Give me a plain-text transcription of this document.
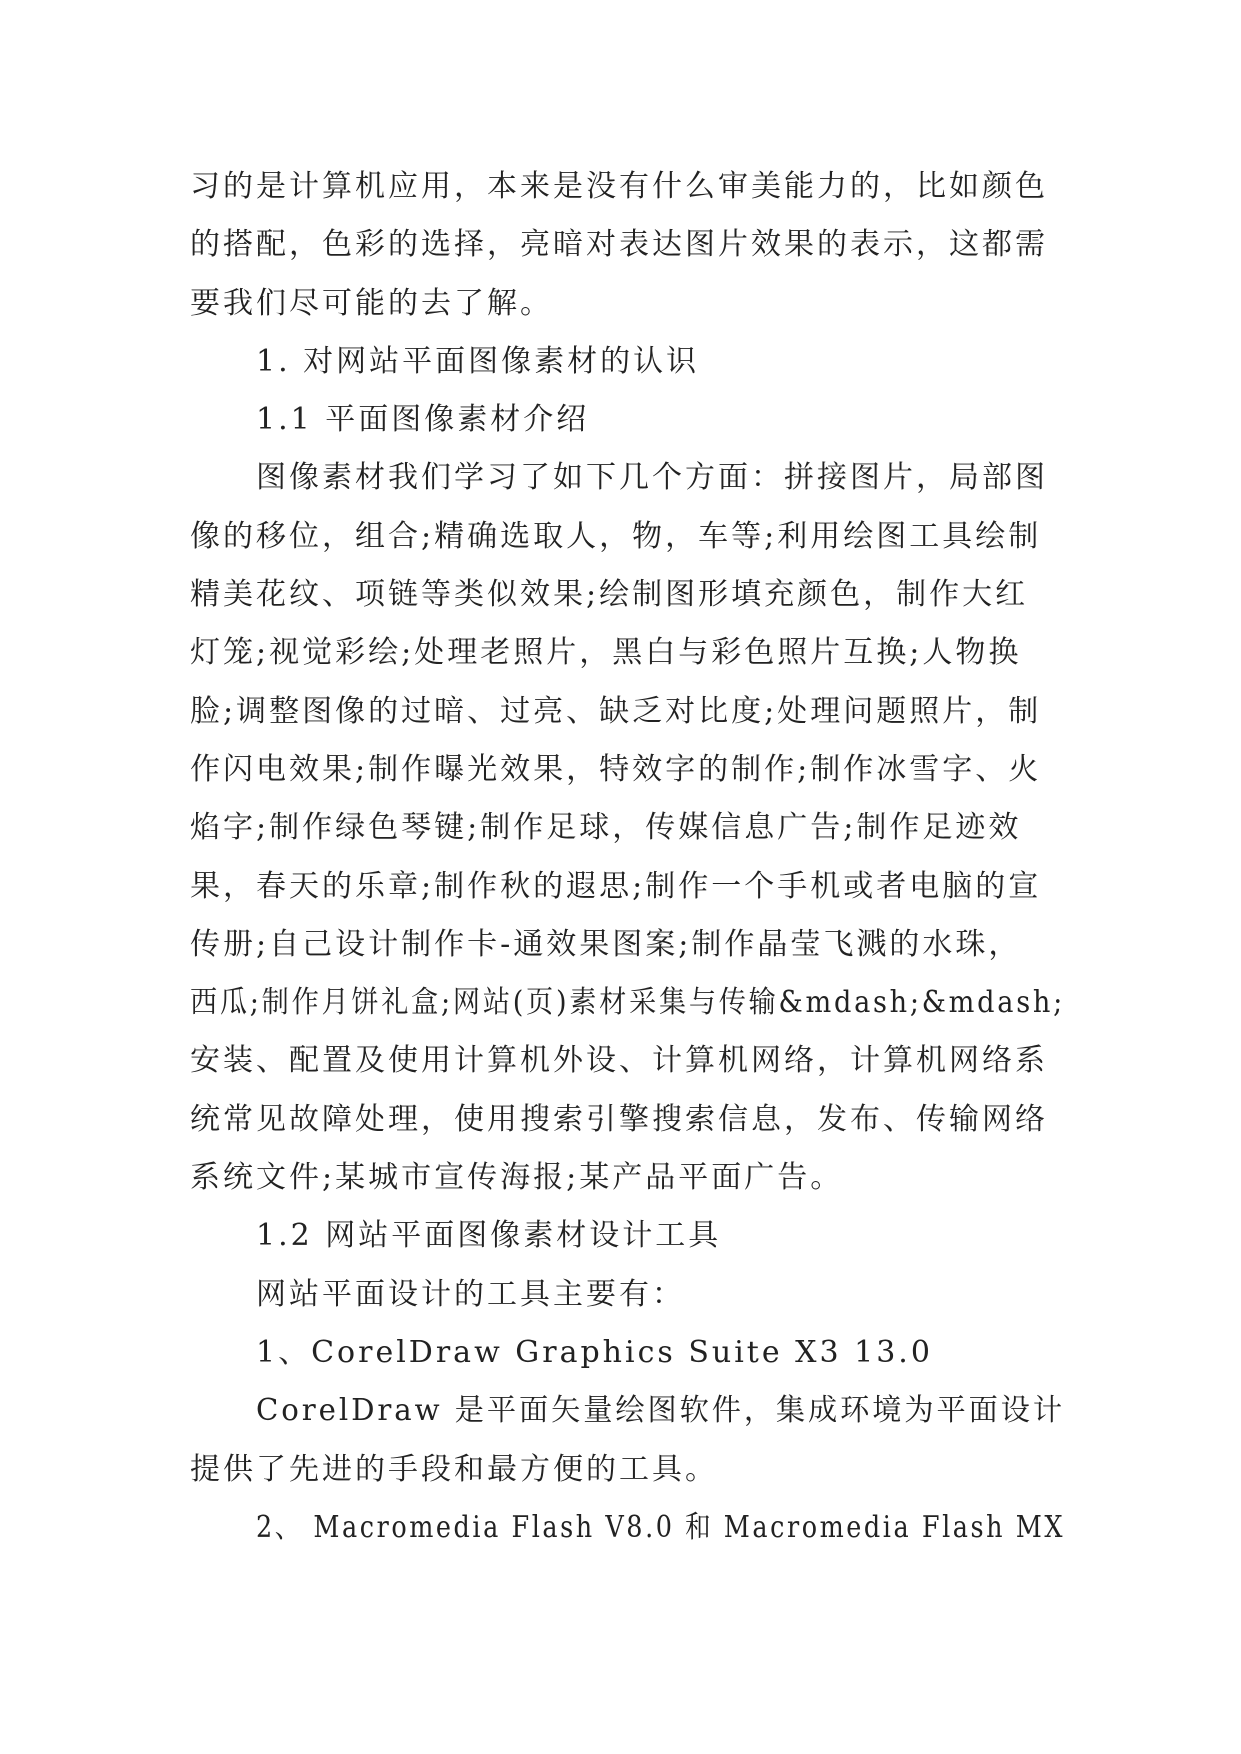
习的是计算机应用，本来是没有什么审美能力的，比如颜色
的搭配，色彩的选择，亮暗对表达图片效果的表示，这都需
要我们尽可能的去了解。
1. 对网站平面图像素材的认识
1.1 平面图像素材介绍
图像素材我们学习了如下几个方面：拼接图片，局部图
像的移位，组合;精确选取人，物，车等;利用绘图工具绘制
精美花纹、项链等类似效果;绘制图形填充颜色，制作大红
灯笼;视觉彩绘;处理老照片，黑白与彩色照片互换;人物换
脸;调整图像的过暗、过亮、缺乏对比度;处理问题照片，制
作闪电效果;制作曝光效果，特效字的制作;制作冰雪字、火
焰字;制作绿色琴键;制作足球，传媒信息广告;制作足迹效
果，春天的乐章;制作秋的遐思;制作一个手机或者电脑的宣
传册;自己设计制作卡-通效果图案;制作晶莹飞溅的水珠，
西瓜;制作月饼礼盒;网站(页)素材采集与传输&mdash;&mdash;
安装、配置及使用计算机外设、计算机网络，计算机网络系
统常见故障处理，使用搜索引擎搜索信息，发布、传输网络
系统文件;某城市宣传海报;某产品平面广告。
1.2 网站平面图像素材设计工具
网站平面设计的工具主要有：
1、CorelDraw Graphics Suite X3 13.0
CorelDraw 是平面矢量绘图软件，集成环境为平面设计
提供了先进的手段和最方便的工具。
2、 Macromedia Flash V8.0 和 Macromedia Flash MX
